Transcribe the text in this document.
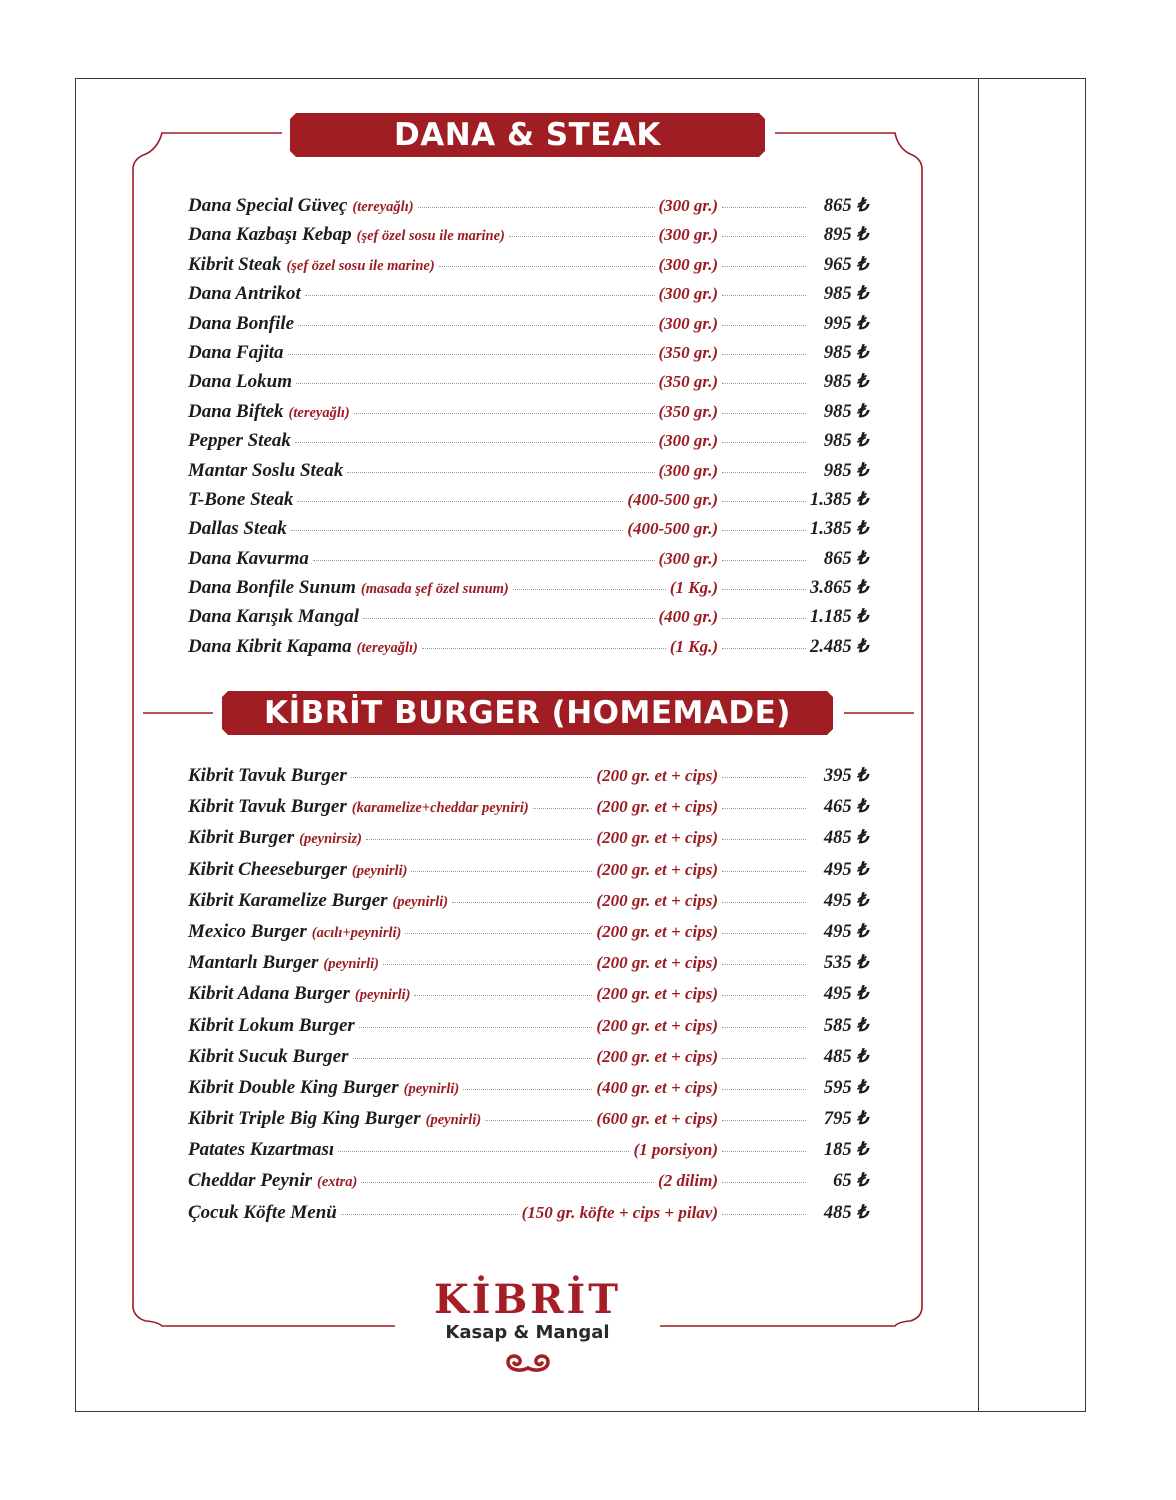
DANA & STEAK
Dana Special Güveç (tereyağlı)	(300 gr.)	865 ₺
Dana Kazbaşı Kebap (şef özel sosu ile marine)	(300 gr.)	895 ₺
Kibrit Steak (şef özel sosu ile marine)	(300 gr.)	965 ₺
Dana Antrikot	(300 gr.)	985 ₺
Dana Bonfile	(300 gr.)	995 ₺
Dana Fajita	(350 gr.)	985 ₺
Dana Lokum	(350 gr.)	985 ₺
Dana Biftek (tereyağlı)	(350 gr.)	985 ₺
Pepper Steak	(300 gr.)	985 ₺
Mantar Soslu Steak	(300 gr.)	985 ₺
T-Bone Steak	(400-500 gr.)	1.385 ₺
Dallas Steak	(400-500 gr.)	1.385 ₺
Dana Kavurma	(300 gr.)	865 ₺
Dana Bonfile Sunum (masada şef özel sunum)	(1 Kg.)	3.865 ₺
Dana Karışık Mangal	(400 gr.)	1.185 ₺
Dana Kibrit Kapama (tereyağlı)	(1 Kg.)	2.485 ₺
KİBRİT BURGER (HOMEMADE)
Kibrit Tavuk Burger	(200 gr. et + cips)	395 ₺
Kibrit Tavuk Burger (karamelize+cheddar peyniri)	(200 gr. et + cips)	465 ₺
Kibrit Burger (peynirsiz)	(200 gr. et + cips)	485 ₺
Kibrit Cheeseburger (peynirli)	(200 gr. et + cips)	495 ₺
Kibrit Karamelize Burger (peynirli)	(200 gr. et + cips)	495 ₺
Mexico Burger (acılı+peynirli)	(200 gr. et + cips)	495 ₺
Mantarlı Burger (peynirli)	(200 gr. et + cips)	535 ₺
Kibrit Adana Burger (peynirli)	(200 gr. et + cips)	495 ₺
Kibrit Lokum Burger	(200 gr. et + cips)	585 ₺
Kibrit Sucuk Burger	(200 gr. et + cips)	485 ₺
Kibrit Double King Burger (peynirli)	(400 gr. et + cips)	595 ₺
Kibrit Triple Big King Burger (peynirli)	(600 gr. et + cips)	795 ₺
Patates Kızartması	(1 porsiyon)	185 ₺
Cheddar Peynir (extra)	(2 dilim)	65 ₺
Çocuk Köfte Menü	(150 gr. köfte + cips + pilav)	485 ₺
KİBRİT
Kasap & Mangal
